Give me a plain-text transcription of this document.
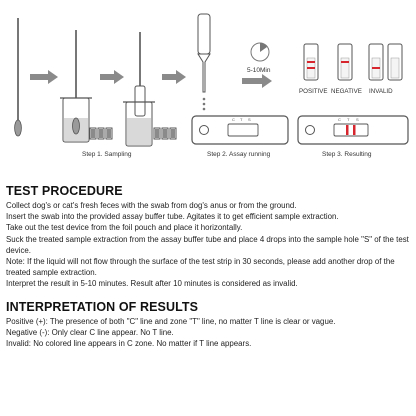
Step 1. Sampling
C T S
Step 2. Assay running
5-10Min
POSITIVE NEGATIVE INVALID
C T S
Step 3. Resulting
TEST PROCEDURE

Collect dog's or cat's fresh feces with the swab from dog's anus or from the ground.

Insert the swab into the provided assay buffer tube. Agitates it to get efficient sample extraction.

Take out the test device from the foil pouch and place it horizontally.

Suck the treated sample extraction from the assay buffer tube and place 4 drops into the sample hole "S" of the test device.

Note: If the liquid will not flow through the surface of the test strip in 30 seconds, please add another drop of the treated sample extraction.

Interpret the result in 5-10 minutes. Result after 10 minutes is considered as invalid.

INTERPRETATION OF RESULTS

Positive (+): The presence of both "C" line and zone "T" line, no matter T line is clear or vague.

Negative (-): Only clear C line appear. No T line.

Invalid: No colored line appears in C zone. No matter if T line appears.
